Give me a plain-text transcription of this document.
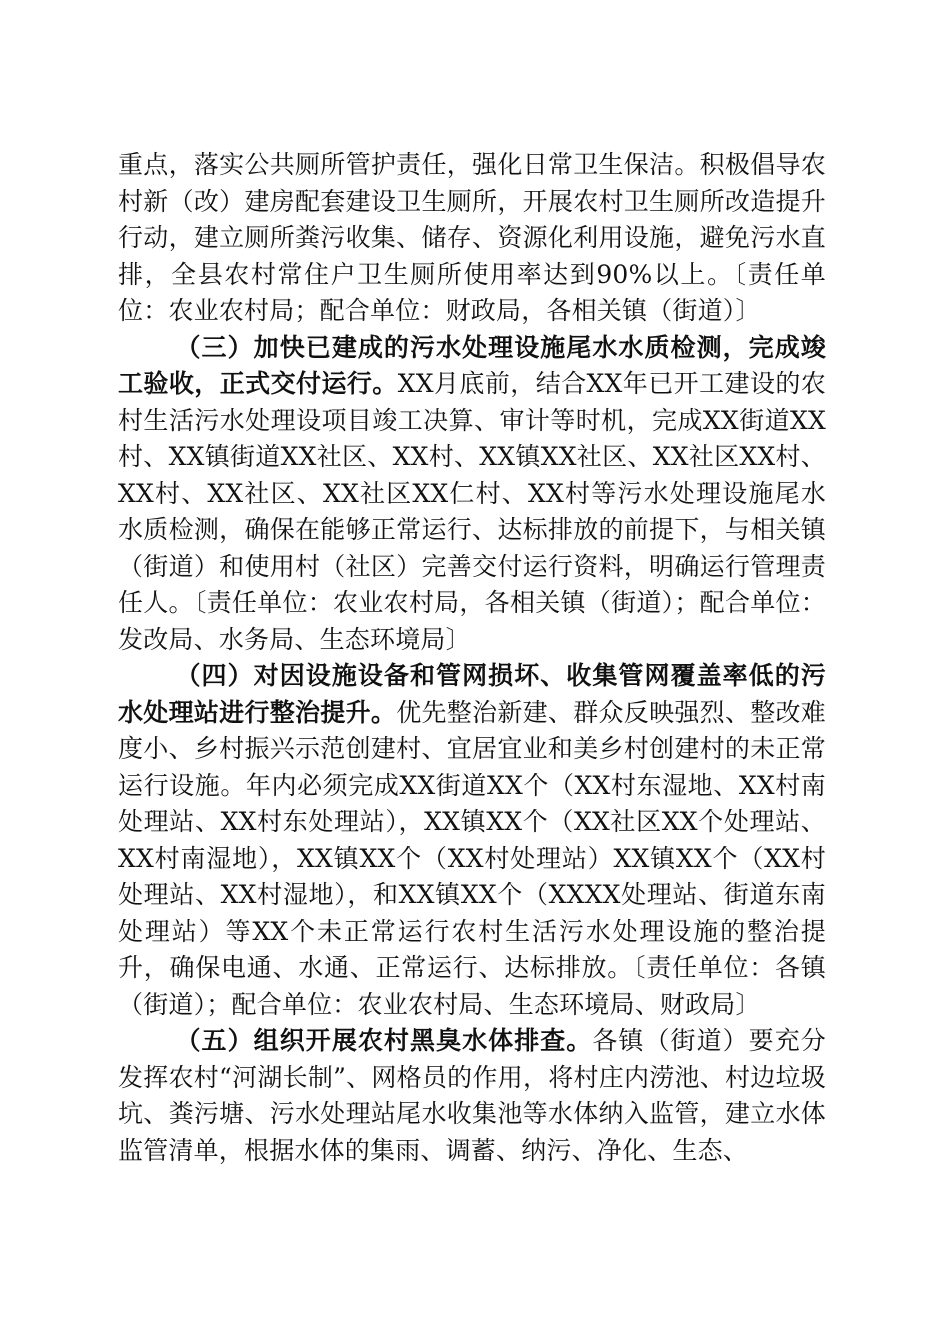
重点，落实公共厕所管护责任，强化日常卫生保洁。积极倡导农村新（改）建房配套建设卫生厕所，开展农村卫生厕所改造提升行动，建立厕所粪污收集、储存、资源化利用设施，避免污水直排，全县农村常住户卫生厕所使用率达到90%以上。〔责任单位：农业农村局；配合单位：财政局，各相关镇（街道）〕

（三）加快已建成的污水处理设施尾水水质检测，完成竣工验收，正式交付运行。XX月底前，结合XX年已开工建设的农村生活污水处理设项目竣工决算、审计等时机，完成XX街道XX村、XX镇街道XX社区、XX村、XX镇XX社区、XX社区XX村、XX村、XX社区、XX社区XX仁村、XX村等污水处理设施尾水水质检测，确保在能够正常运行、达标排放的前提下，与相关镇（街道）和使用村（社区）完善交付运行资料，明确运行管理责任人。〔责任单位：农业农村局，各相关镇（街道）；配合单位：发改局、水务局、生态环境局〕

（四）对因设施设备和管网损坏、收集管网覆盖率低的污水处理站进行整治提升。优先整治新建、群众反映强烈、整改难度小、乡村振兴示范创建村、宜居宜业和美乡村创建村的未正常运行设施。年内必须完成XX街道XX个（XX村东湿地、XX村南处理站、XX村东处理站），XX镇XX个（XX社区XX个处理站、XX村南湿地），XX镇XX个（XX村处理站）XX镇XX个（XX村处理站、XX村湿地），和XX镇XX个（XXXX处理站、街道东南处理站）等XX个未正常运行农村生活污水处理设施的整治提升，确保电通、水通、正常运行、达标排放。〔责任单位：各镇（街道）；配合单位：农业农村局、生态环境局、财政局〕

（五）组织开展农村黑臭水体排查。各镇（街道）要充分发挥农村“河湖长制”、网格员的作用，将村庄内涝池、村边垃圾坑、粪污塘、污水处理站尾水收集池等水体纳入监管，建立水体监管清单，根据水体的集雨、调蓄、纳污、净化、生态、
